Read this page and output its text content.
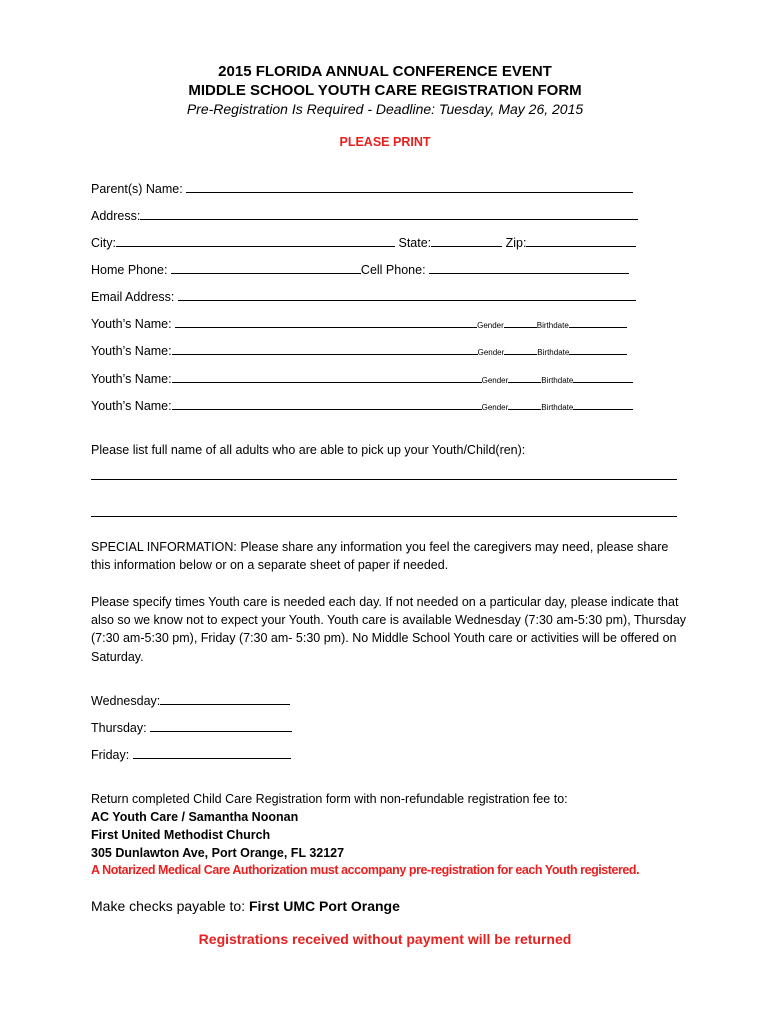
2015 FLORIDA ANNUAL CONFERENCE EVENT
MIDDLE SCHOOL YOUTH CARE REGISTRATION FORM
Pre-Registration Is Required - Deadline: Tuesday, May 26, 2015
PLEASE PRINT
Parent(s) Name:
Address:
City:	State:	Zip:
Home Phone:	Cell Phone:
Email Address:
Youth’s Name:	Gender	Birthdate
Youth’s Name:	Gender	Birthdate
Youth’s Name:	Gender	Birthdate
Youth’s Name:	Gender	Birthdate
Please list full name of all adults who are able to pick up your Youth/Child(ren):
SPECIAL INFORMATION: Please share any information you feel the caregivers may need, please share this information below or on a separate sheet of paper if needed.
Please specify times Youth care is needed each day. If not needed on a particular day, please indicate that also so we know not to expect your Youth. Youth care is available Wednesday (7:30 am-5:30 pm), Thursday (7:30 am-5:30 pm), Friday (7:30 am- 5:30 pm). No Middle School Youth care or activities will be offered on Saturday.
Wednesday:
Thursday:
Friday:
Return completed Child Care Registration form with non-refundable registration fee to:
AC Youth Care / Samantha Noonan
First United Methodist Church
305 Dunlawton Ave, Port Orange, FL 32127
A Notarized Medical Care Authorization must accompany pre-registration for each Youth registered.
Make checks payable to: First UMC Port Orange
Registrations received without payment will be returned
